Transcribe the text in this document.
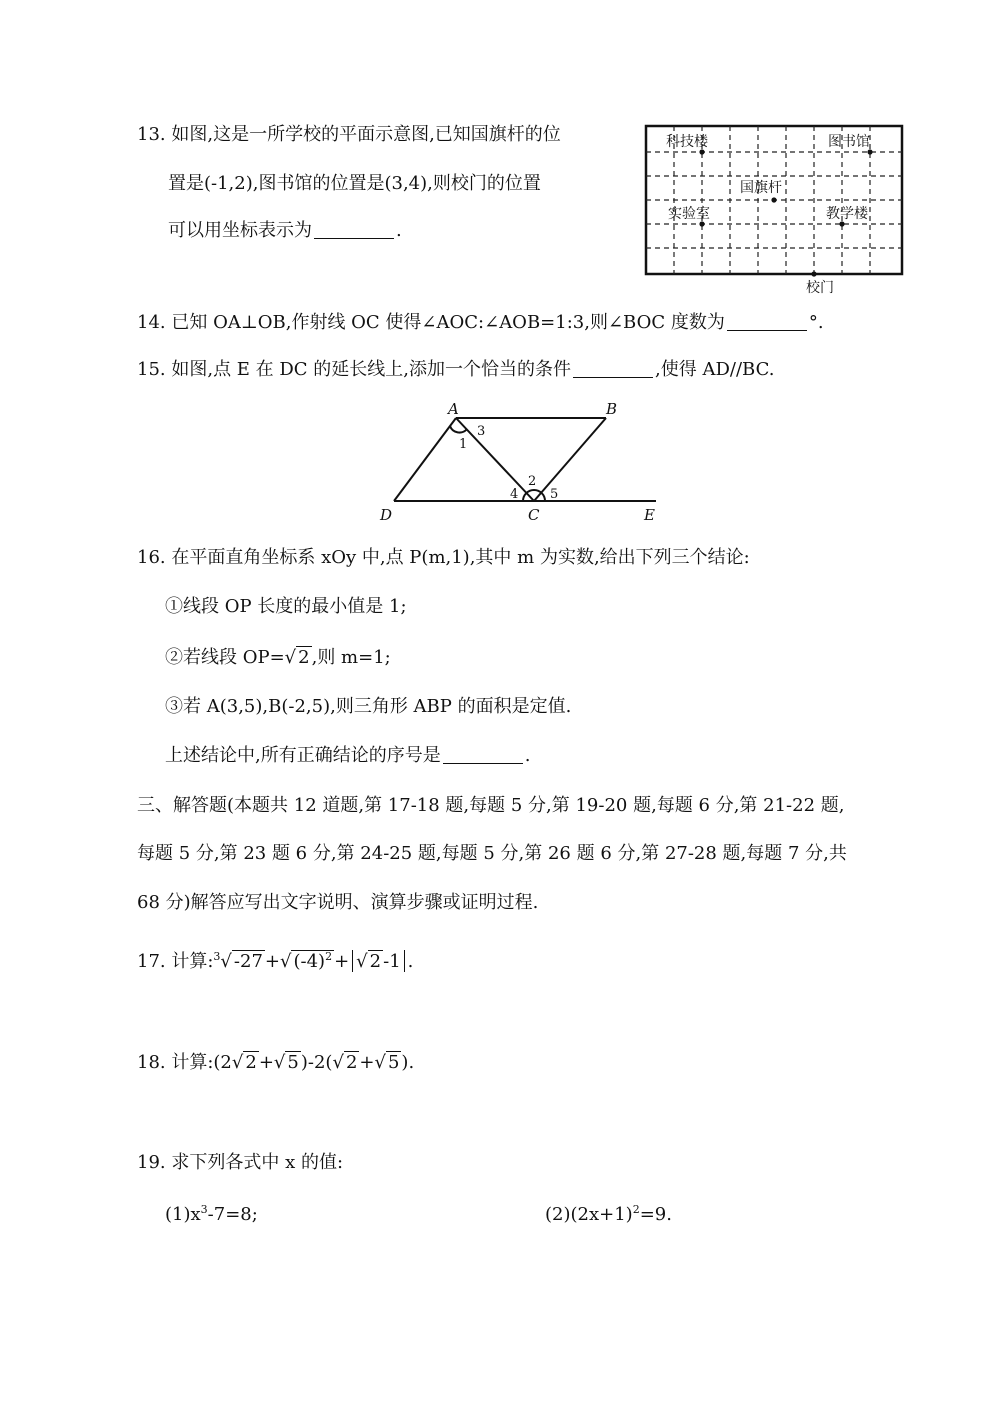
13. 如图,这是一所学校的平面示意图,已知国旗杆的位
置是(-1,2),图书馆的位置是(3,4),则校门的位置
可以用坐标表示为	.
科技楼	图书馆
国旗杆
实验室	教学楼
校门
14. 已知 OA⊥OB,作射线 OC 使得∠AOC:∠AOB=1:3,则∠BOC 度数为	°.
15. 如图,点 E 在 DC 的延长线上,添加一个恰当的条件	,使得 AD//BC.
A	B
C
D	E
1
2
3
4 5
16. 在平面直角坐标系 xOy 中,点 P(m,1),其中 m 为实数,给出下列三个结论:
①线段 OP 长度的最小值是 1;
②若线段 OP=√ 2 ,则 m=1;
③若 A(3,5),B(-2,5),则三角形 ABP 的面积是定值.
上述结论中,所有正确结论的序号是	.
三、解答题(本题共 12 道题,第 17-18 题,每题 5 分,第 19-20 题,每题 6 分,第 21-22 题,
每题 5 分,第 23 题 6 分,第 24-25 题,每题 5 分,第 26 题 6 分,第 27-28 题,每题 7 分,共
68 分)解答应写出文字说明、演算步骤或证明过程.
17. 计算:$^3$√ -27 +√ $(-4)^2$ + √ 2 -1 .
18. 计算:(2√ 2 +√ 5 )-2(√ 2 +√ 5 ).
19. 求下列各式中 x 的值:
$(1)x^3-7=8$;	$(2)(2x+1)^2=9$.
